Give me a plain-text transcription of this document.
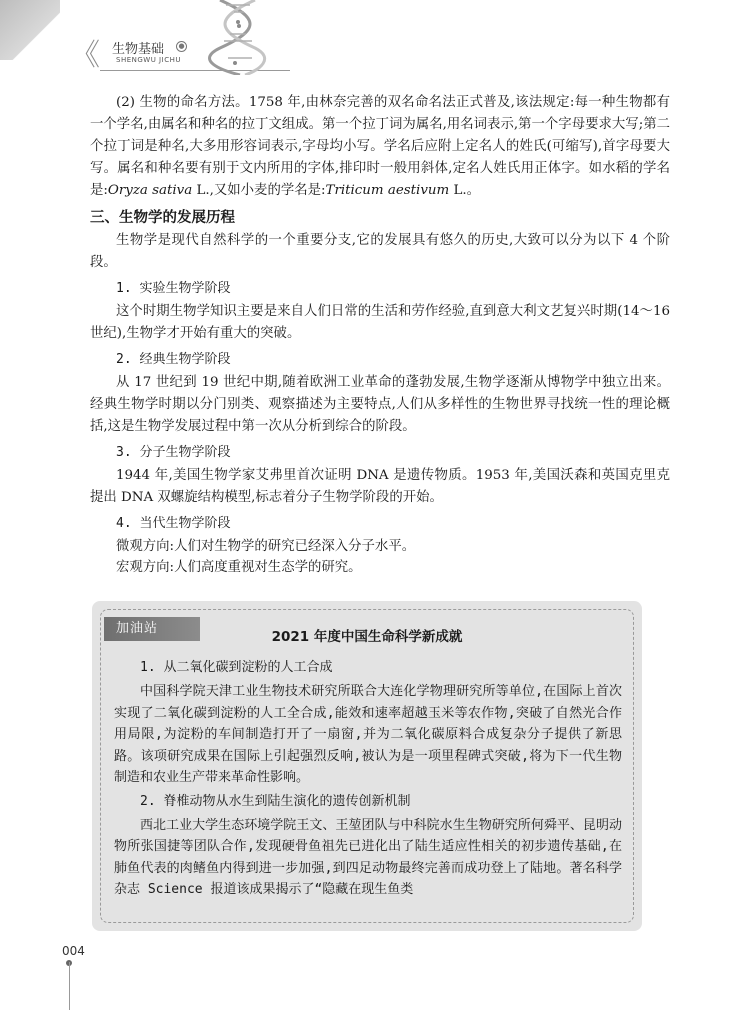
《 生物基础	●
SHENGWU JICHU

(2) 生物的命名方法。1758 年,由林奈完善的双名命名法正式普及,该法规定:每一种生物都有一个学名,由属名和种名的拉丁文组成。第一个拉丁词为属名,用名词表示,第一个字母要求大写;第二个拉丁词是种名,大多用形容词表示,字母均小写。学名后应附上定名人的姓氏(可缩写),首字母要大写。属名和种名要有别于文内所用的字体,排印时一般用斜体,定名人姓氏用正体字。如水稻的学名是:Oryza sativa L.,又如小麦的学名是:Triticum aestivum L.。

三、生物学的发展历程

生物学是现代自然科学的一个重要分支,它的发展具有悠久的历史,大致可以分为以下 4 个阶段。

1. 实验生物学阶段

这个时期生物学知识主要是来自人们日常的生活和劳作经验,直到意大利文艺复兴时期(14～16 世纪),生物学才开始有重大的突破。

2. 经典生物学阶段

从 17 世纪到 19 世纪中期,随着欧洲工业革命的蓬勃发展,生物学逐渐从博物学中独立出来。经典生物学时期以分门别类、观察描述为主要特点,人们从多样性的生物世界寻找统一性的理论概括,这是生物学发展过程中第一次从分析到综合的阶段。

3. 分子生物学阶段

1944 年,美国生物学家艾弗里首次证明 DNA 是遗传物质。1953 年,美国沃森和英国克里克提出 DNA 双螺旋结构模型,标志着分子生物学阶段的开始。

4. 当代生物学阶段

微观方向:人们对生物学的研究已经深入分子水平。

宏观方向:人们高度重视对生态学的研究。

加油站
2021 年度中国生命科学新成就
1. 从二氧化碳到淀粉的人工合成

中国科学院天津工业生物技术研究所联合大连化学物理研究所等单位,在国际上首次实现了二氧化碳到淀粉的人工全合成,能效和速率超越玉米等农作物,突破了自然光合作用局限,为淀粉的车间制造打开了一扇窗,并为二氧化碳原料合成复杂分子提供了新思路。该项研究成果在国际上引起强烈反响,被认为是一项里程碑式突破,将为下一代生物制造和农业生产带来革命性影响。

2. 脊椎动物从水生到陆生演化的遗传创新机制

西北工业大学生态环境学院王文、王堃团队与中科院水生生物研究所何舜平、昆明动物所张国捷等团队合作,发现硬骨鱼祖先已进化出了陆生适应性相关的初步遗传基础,在肺鱼代表的肉鳍鱼内得到进一步加强,到四足动物最终完善而成功登上了陆地。著名科学杂志 Science 报道该成果揭示了“隐藏在现生鱼类

004
